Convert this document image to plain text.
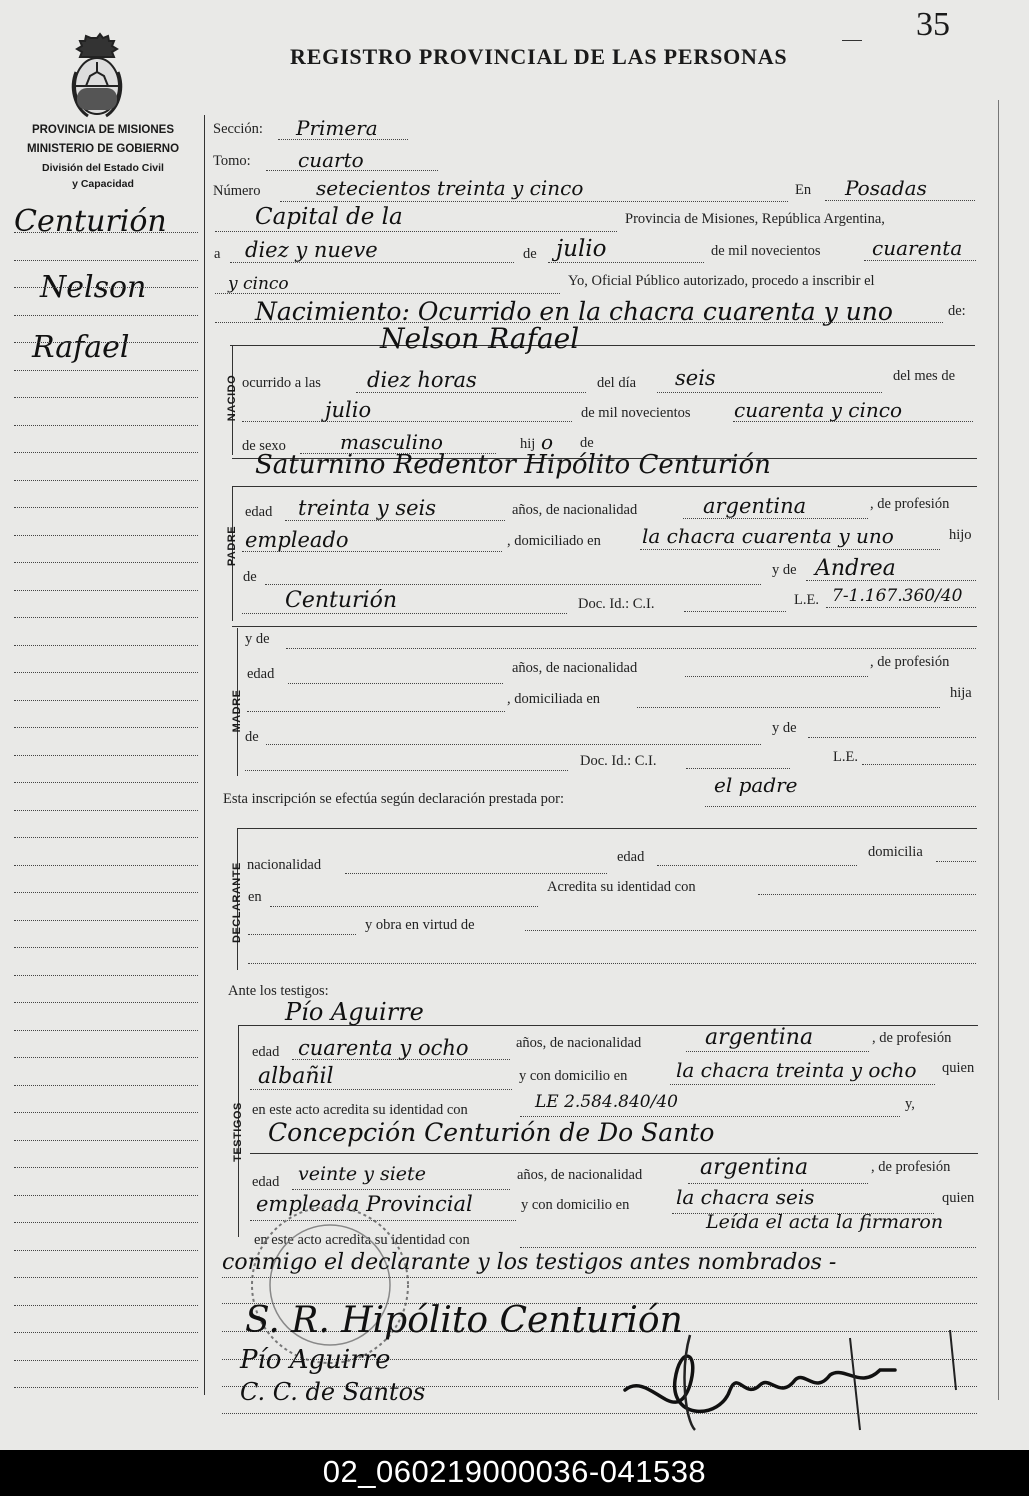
REGISTRO PROVINCIAL DE LAS PERSONAS
35
PROVINCIA DE MISIONES
MINISTERIO DE GOBIERNO
División del Estado Civil
y Capacidad
Centurión
Nelson
Rafael
Sección: Primera
Tomo: cuarto
Número	setecientos treinta y cinco	En Posadas
Capital de la	Provincia de Misiones, República Argentina,
a diez y nueve	de julio	de mil novecientos	cuarenta
y cinco	Yo, Oficial Público autorizado, procedo a inscribir el
Nacimiento: Ocurrido en la chacra cuarenta y uno	de:
NACIDO
Nelson Rafael
ocurrido a las diez horas	del día seis	del mes de
julio	de mil novecientos cuarenta y cinco
de sexo	masculino	hij o de
Saturnino Redentor Hipólito Centurión
PADRE
edad treinta y seis	años, de nacionalidad	argentina	, de profesión
empleado	, domiciliado en la chacra cuarenta y uno	hijo
de	y de Andrea
Centurión	Doc. Id.: C.I.	L.E. 7-1.167.360/40
MADRE
y de
edad	años, de nacionalidad	, de profesión
, domiciliada en	hija
de
y de
Doc. Id.: C.I.	L.E.
Esta inscripción se efectúa según declaración prestada por:
el padre
DECLARANTE nacionalidad	edad	domicilia
en
Acredita su identidad con
y obra en virtud de
Ante los testigos:
Pío Aguirre
TESTIGOS
edad cuarenta y ocho	años, de nacionalidad	argentina	, de profesión
albañil	y con domicilio en la chacra treinta y ocho quien
en este acto acredita su identidad con	LE 2.584.840/40	y,
Concepción Centurión de Do Santo
edad veinte y siete	años, de nacionalidad	argentina	, de profesión
empleada Provincial	y con domicilio en la chacra seis	quien
en este acto acredita su identidad con
Leída el acta la firmaron
conmigo el declarante y los testigos antes nombrados -
S. R. Hipólito Centurión
Pío Aguirre
C. C. de Santos
02_060219000036-041538
